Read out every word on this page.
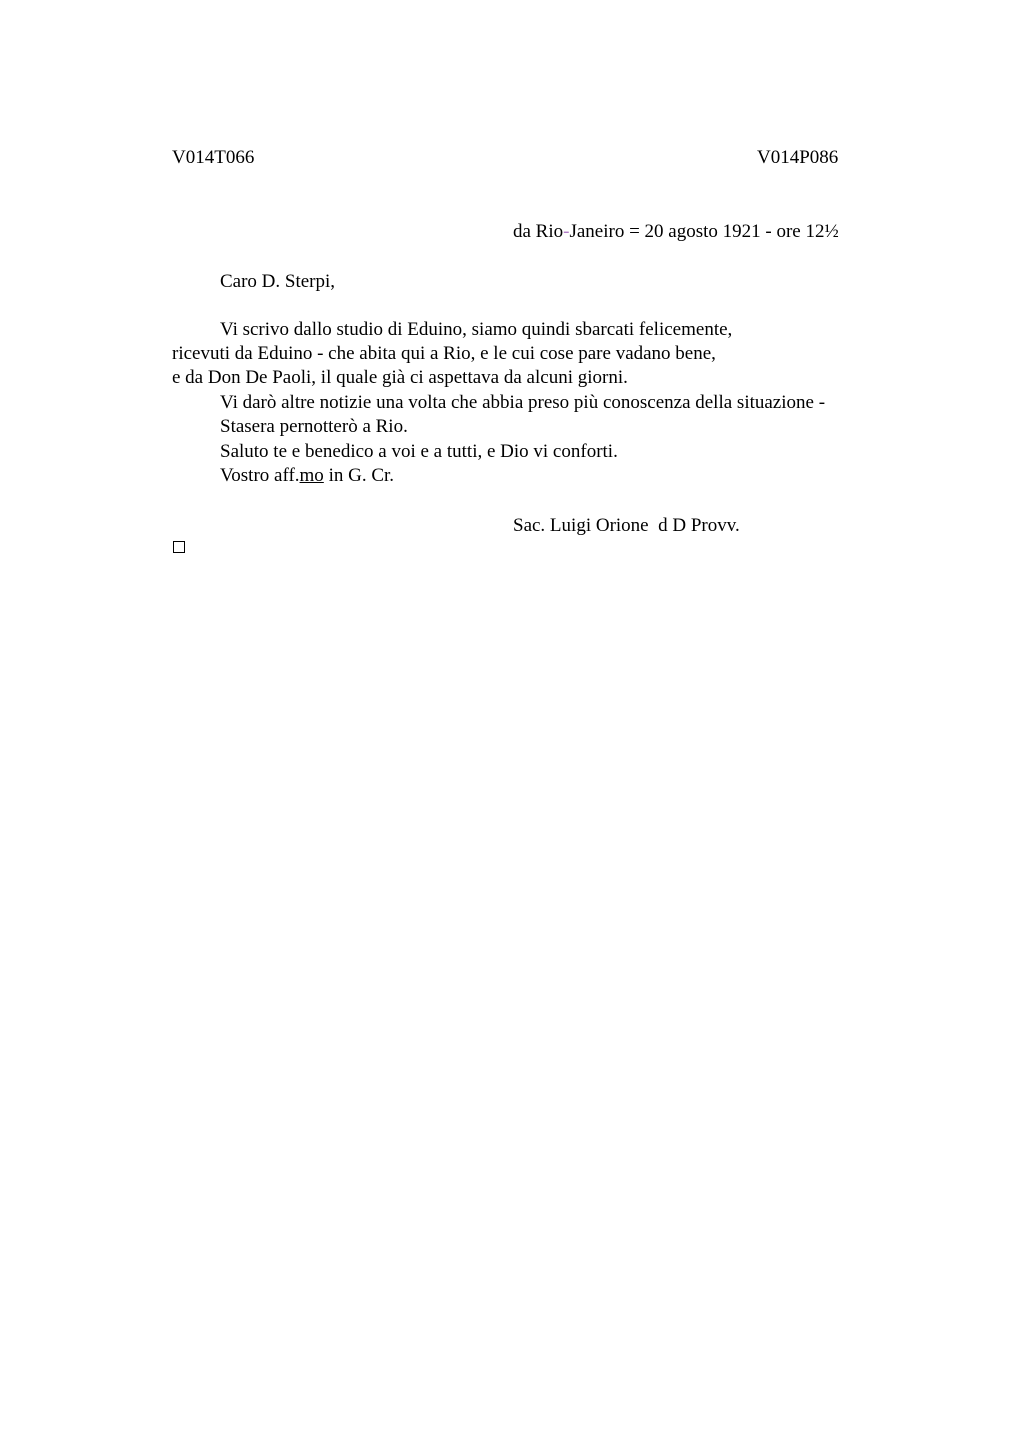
V014T066	V014P086
da Rio-Janeiro = 20 agosto 1921 - ore 12½
Caro D. Sterpi,
Vi scrivo dallo studio di Eduino, siamo quindi sbarcati felicemente,
ricevuti da Eduino - che abita qui a Rio, e le cui cose pare vadano bene,
e da Don De Paoli, il quale già ci aspettava da alcuni giorni.
Vi darò altre notizie una volta che abbia preso più conoscenza della situazione -
Stasera pernotterò a Rio.
Saluto te e benedico a voi e a tutti, e Dio vi conforti.
Vostro aff.mo in G. Cr.
Sac. Luigi Orione  d D Provv.
